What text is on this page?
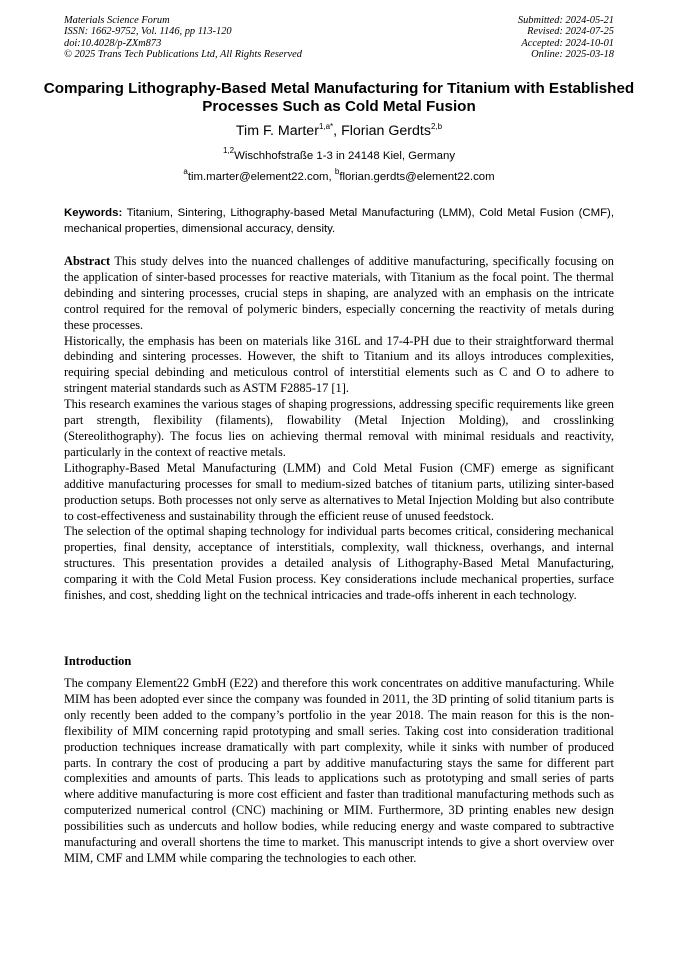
Materials Science Forum
ISSN: 1662-9752, Vol. 1146, pp 113-120
doi:10.4028/p-ZXm873
© 2025 Trans Tech Publications Ltd, All Rights Reserved
Submitted: 2024-05-21
Revised: 2024-07-25
Accepted: 2024-10-01
Online: 2025-03-18
Comparing Lithography-Based Metal Manufacturing for Titanium with Established Processes Such as Cold Metal Fusion
Tim F. Marter$^{1,a*}$, Florian Gerdts$^{2,b}$
$^{1,2}$Wischhofstraße 1-3 in 24148 Kiel, Germany
$^a$tim.marter@element22.com, $^b$florian.gerdts@element22.com
Keywords: Titanium, Sintering, Lithography-based Metal Manufacturing (LMM), Cold Metal Fusion (CMF), mechanical properties, dimensional accuracy, density.

Abstract This study delves into the nuanced challenges of additive manufacturing, specifically focusing on the application of sinter-based processes for reactive materials, with Titanium as the focal point. The thermal debinding and sintering processes, crucial steps in shaping, are analyzed with an emphasis on the intricate control required for the removal of polymeric binders, especially concerning the reactivity of metals during these processes.

Historically, the emphasis has been on materials like 316L and 17-4-PH due to their straightforward thermal debinding and sintering processes. However, the shift to Titanium and its alloys introduces complexities, requiring special debinding and meticulous control of interstitial elements such as C and O to adhere to stringent material standards such as ASTM F2885-17 [1].

This research examines the various stages of shaping progressions, addressing specific requirements like green part strength, flexibility (filaments), flowability (Metal Injection Molding), and crosslinking (Stereolithography). The focus lies on achieving thermal removal with minimal residuals and reactivity, particularly in the context of reactive metals.

Lithography-Based Metal Manufacturing (LMM) and Cold Metal Fusion (CMF) emerge as significant additive manufacturing processes for small to medium-sized batches of titanium parts, utilizing sinter-based production setups. Both processes not only serve as alternatives to Metal Injection Molding but also contribute to cost-effectiveness and sustainability through the efficient reuse of unused feedstock.

The selection of the optimal shaping technology for individual parts becomes critical, considering mechanical properties, final density, acceptance of interstitials, complexity, wall thickness, overhangs, and internal structures. This presentation provides a detailed analysis of Lithography-Based Metal Manufacturing, comparing it with the Cold Metal Fusion process. Key considerations include mechanical properties, surface finishes, and cost, shedding light on the technical intricacies and trade-offs inherent in each technology.

Introduction

The company Element22 GmbH (E22) and therefore this work concentrates on additive manufacturing. While MIM has been adopted ever since the company was founded in 2011, the 3D printing of solid titanium parts is only recently been added to the company’s portfolio in the year 2018. The main reason for this is the non-flexibility of MIM concerning rapid prototyping and small series. Taking cost into consideration traditional production techniques increase dramatically with part complexity, while it sinks with number of produced parts. In contrary the cost of producing a part by additive manufacturing stays the same for different part complexities and amounts of parts. This leads to applications such as prototyping and small series of parts where additive manufacturing is more cost efficient and faster than traditional manufacturing methods such as computerized numerical control (CNC) machining or MIM. Furthermore, 3D printing enables new design possibilities such as undercuts and hollow bodies, while reducing energy and waste compared to subtractive manufacturing and overall shortens the time to market. This manuscript intends to give a short overview over MIM, CMF and LMM while comparing the technologies to each other.
